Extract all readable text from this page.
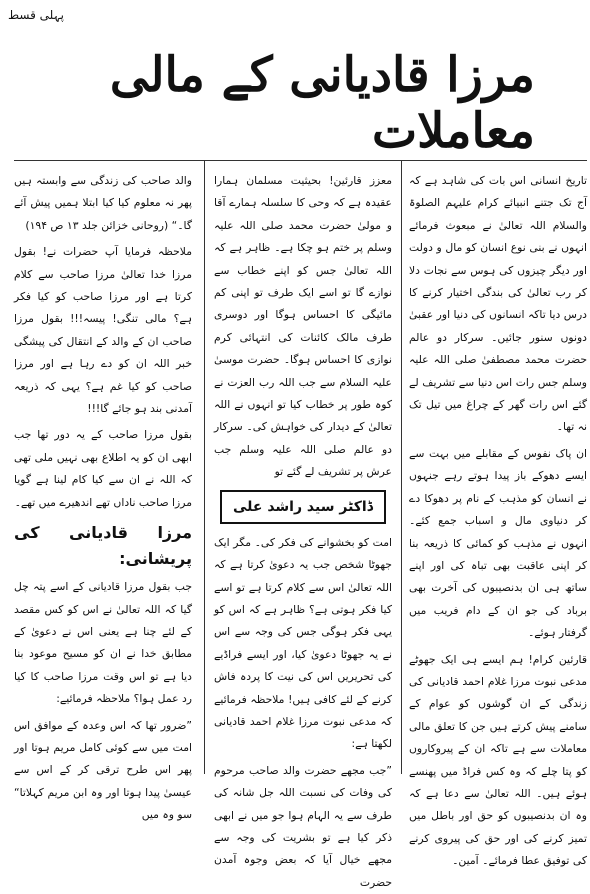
پہلی قسط
مرزا قادیانی کے مالی معاملات

تاریخ انسانی اس بات کی شاہد ہے کہ آج تک جتنے انبیائے کرام علیہم الصلوۃ والسلام اللہ تعالیٰ نے مبعوث فرمائے انہوں نے بنی نوع انسان کو مال و دولت اور دیگر چیزوں کی ہوس سے نجات دلا کر رب تعالیٰ کی بندگی اختیار کرنے کا درس دیا تاکہ انسانوں کی دنیا اور عقبیٰ دونوں سنور جائیں۔ سرکار دو عالم حضرت محمد مصطفیٰ صلی اللہ علیہ وسلم جس رات اس دنیا سے تشریف لے گئے اس رات گھر کے چراغ میں تیل تک نہ تھا۔

ان پاک نفوس کے مقابلے میں بہت سے ایسے دھوکے باز پیدا ہوتے رہے جنہوں نے انسان کو مذہب کے نام پر دھوکا دے کر دنیاوی مال و اسباب جمع کئے۔ انہوں نے مذہب کو کمائی کا ذریعہ بنا کر اپنی عاقبت بھی تباہ کی اور اپنے ساتھ ہی ان بدنصیبوں کی آخرت بھی برباد کی جو ان کے دام فریب میں گرفتار ہوئے۔

قارئین کرام! ہم ایسے ہی ایک جھوٹے مدعی نبوت مرزا غلام احمد قادیانی کی زندگی کے ان گوشوں کو عوام کے سامنے پیش کرتے ہیں جن کا تعلق مالی معاملات سے ہے تاکہ ان کے پیروکاروں کو پتا چلے کہ وہ کس فراڈ میں پھنسے ہوئے ہیں۔ اللہ تعالیٰ سے دعا ہے کہ وہ ان بدنصیبوں کو حق اور باطل میں تمیز کرنے کی اور حق کی پیروی کرنے کی توفیق عطا فرمائے۔ آمین۔

معزز قارئین! بحیثیت مسلمان ہمارا عقیدہ ہے کہ وحی کا سلسلہ ہمارے آقا و مولیٰ حضرت محمد صلی اللہ علیہ وسلم پر ختم ہو چکا ہے۔ ظاہر ہے کہ اللہ تعالیٰ جس کو اپنے خطاب سے نوازے گا تو اسے ایک طرف تو اپنی کم مائیگی کا احساس ہوگا اور دوسری طرف مالک کائنات کی انتہائی کرم نوازی کا احساس ہوگا۔ حضرت موسیٰ علیہ السلام سے جب اللہ رب العزت نے کوہ طور پر خطاب کیا تو انہوں نے اللہ تعالیٰ کے دیدار کی خواہش کی۔ سرکار دو عالم صلی اللہ علیہ وسلم جب عرش پر تشریف لے گئے تو

ڈاکٹر سید راشد علی

امت کو بخشوانے کی فکر کی۔ مگر ایک جھوٹا شخص جب یہ دعویٰ کرتا ہے کہ اللہ تعالیٰ اس سے کلام کرتا ہے تو اسے کیا فکر ہوتی ہے؟ ظاہر ہے کہ اس کو یہی فکر ہوگی جس کی وجہ سے اس نے یہ جھوٹا دعویٰ کیا، اور ایسے فراڈیے کی تحریریں اس کی نیت کا پردہ فاش کرنے کے لئے کافی ہیں! ملاحظہ فرمائیے کہ مدعی نبوت مرزا غلام احمد قادیانی لکھتا ہے:

”جب مجھے حضرت والد صاحب مرحوم کی وفات کی نسبت اللہ جل شانہ کی طرف سے یہ الہام ہوا جو میں نے ابھی ذکر کیا ہے تو بشریت کی وجہ سے مجھے خیال آیا کہ بعض وجوہ آمدن حضرت

والد صاحب کی زندگی سے وابستہ ہیں پھر نہ معلوم کیا کیا ابتلا ہمیں پیش آئے گا۔“ (روحانی خزائن جلد ۱۳ ص ۱۹۴)

ملاحظہ فرمایا آپ حضرات نے! بقول مرزا خدا تعالیٰ مرزا صاحب سے کلام کرتا ہے اور مرزا صاحب کو کیا فکر ہے؟ مالی تنگی! پیسہ!!! بقول مرزا صاحب ان کے والد کے انتقال کی پیشگی خبر اللہ ان کو دے رہا ہے اور مرزا صاحب کو کیا غم ہے؟ یہی کہ ذریعہ آمدنی بند ہو جائے گا!!!

بقول مرزا صاحب کے یہ دور تھا جب ابھی ان کو یہ اطلاع بھی نہیں ملی تھی کہ اللہ نے ان سے کیا کام لینا ہے گویا مرزا صاحب ناداں تھے اندھیرے میں تھے۔

مرزا قادیانی کی پریشانی:

جب بقول مرزا قادیانی کے اسے پتہ چل گیا کہ اللہ تعالیٰ نے اس کو کس مقصد کے لئے چنا ہے یعنی اس نے دعویٰ کے مطابق خدا نے ان کو مسیح موعود بنا دیا ہے تو اس وقت مرزا صاحب کا کیا رد عمل ہوا؟ ملاحظہ فرمائیے:

”ضرور تھا کہ اس وعدہ کے موافق اس امت میں سے کوئی کامل مریم ہوتا اور پھر اس طرح ترقی کر کے اس سے عیسیٰ پیدا ہوتا اور وہ ابن مریم کہلاتا“ سو وہ میں
